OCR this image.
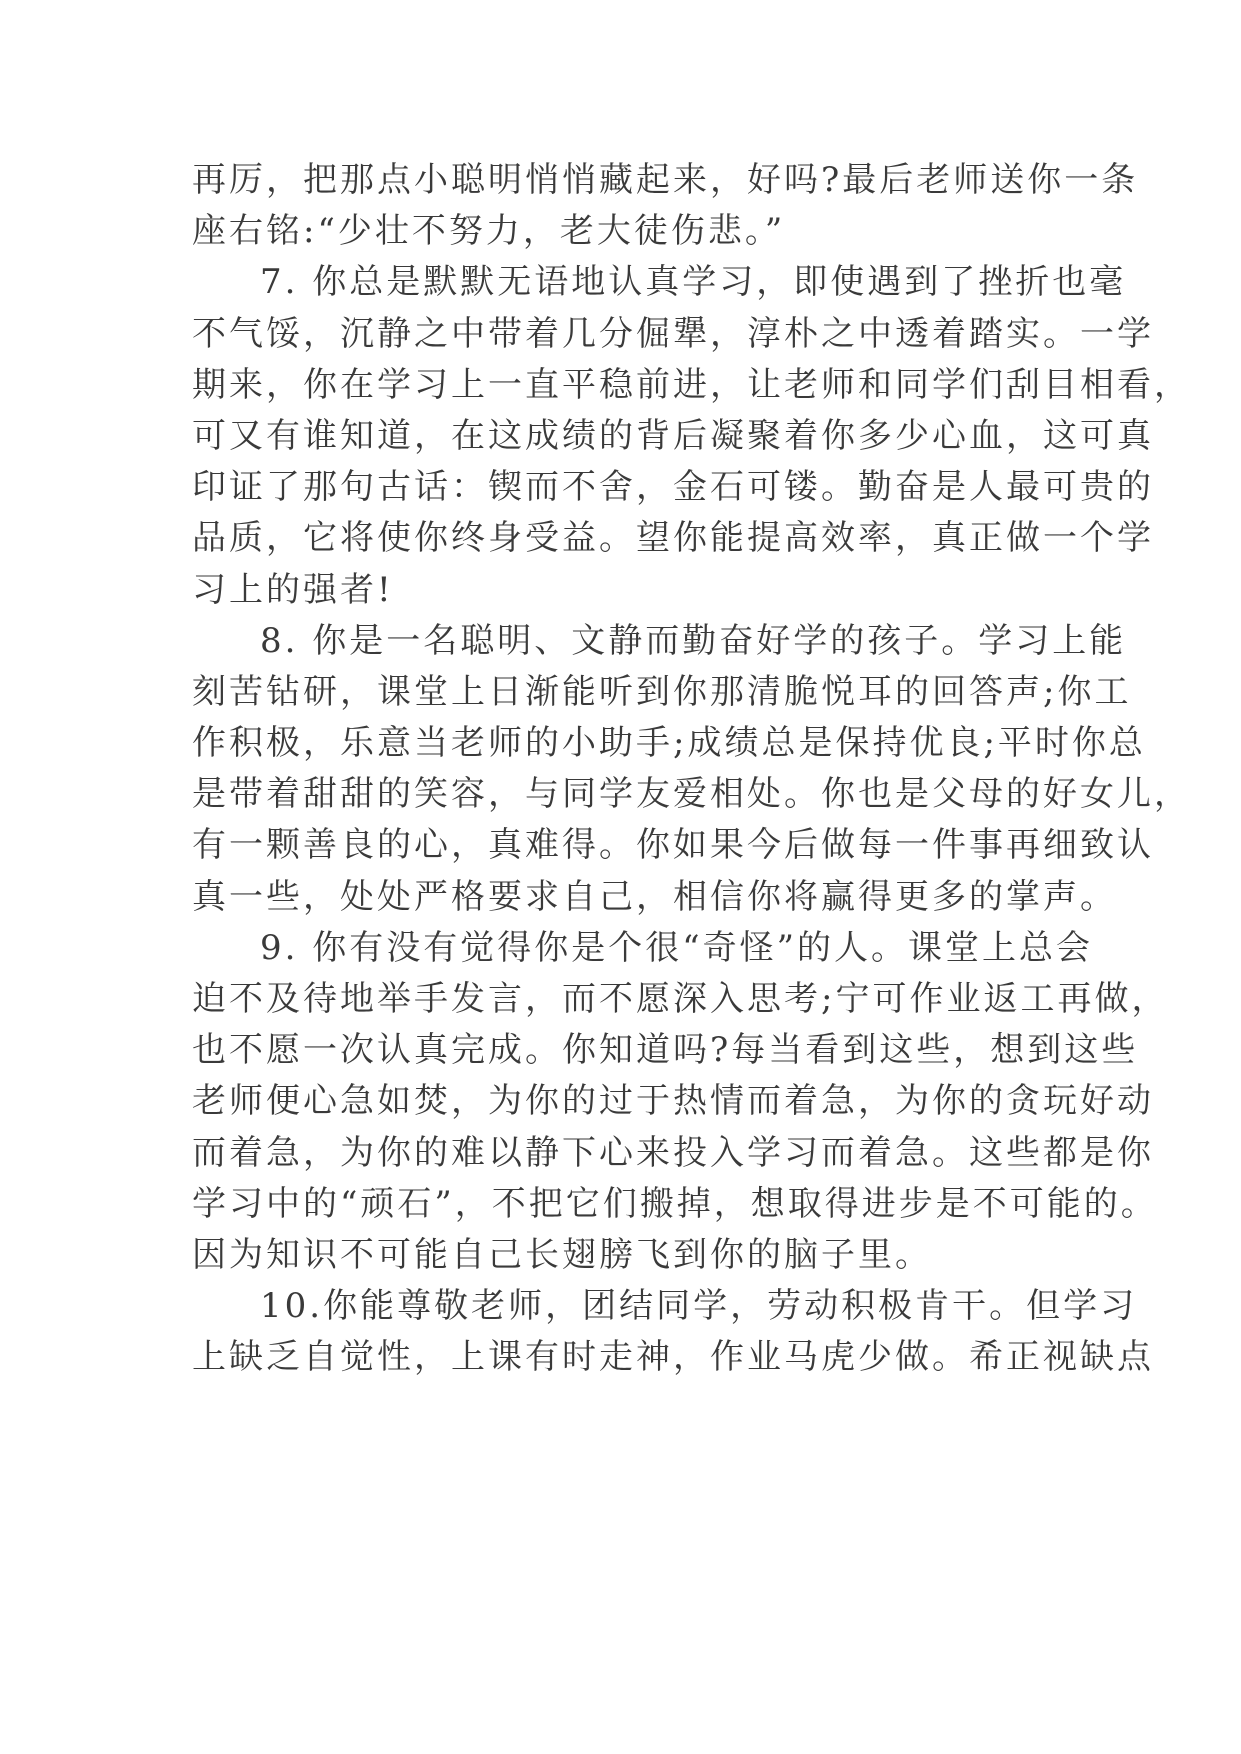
再厉，把那点小聪明悄悄藏起来，好吗?最后老师送你一条
座右铭:“少壮不努力，老大徒伤悲。”
7. 你总是默默无语地认真学习，即使遇到了挫折也毫
不气馁，沉静之中带着几分倔犟，淳朴之中透着踏实。一学
期来，你在学习上一直平稳前进，让老师和同学们刮目相看，
可又有谁知道，在这成绩的背后凝聚着你多少心血，这可真
印证了那句古话：锲而不舍，金石可镂。勤奋是人最可贵的
品质，它将使你终身受益。望你能提高效率，真正做一个学
习上的强者!
8. 你是一名聪明、文静而勤奋好学的孩子。学习上能
刻苦钻研，课堂上日渐能听到你那清脆悦耳的回答声;你工
作积极，乐意当老师的小助手;成绩总是保持优良;平时你总
是带着甜甜的笑容，与同学友爱相处。你也是父母的好女儿，
有一颗善良的心，真难得。你如果今后做每一件事再细致认
真一些，处处严格要求自己，相信你将赢得更多的掌声。
9. 你有没有觉得你是个很“奇怪”的人。课堂上总会
迫不及待地举手发言，而不愿深入思考;宁可作业返工再做，
也不愿一次认真完成。你知道吗?每当看到这些，想到这些
老师便心急如焚，为你的过于热情而着急，为你的贪玩好动
而着急，为你的难以静下心来投入学习而着急。这些都是你
学习中的“顽石”，不把它们搬掉，想取得进步是不可能的。
因为知识不可能自己长翅膀飞到你的脑子里。
10.你能尊敬老师，团结同学，劳动积极肯干。但学习
上缺乏自觉性，上课有时走神，作业马虎少做。希正视缺点
